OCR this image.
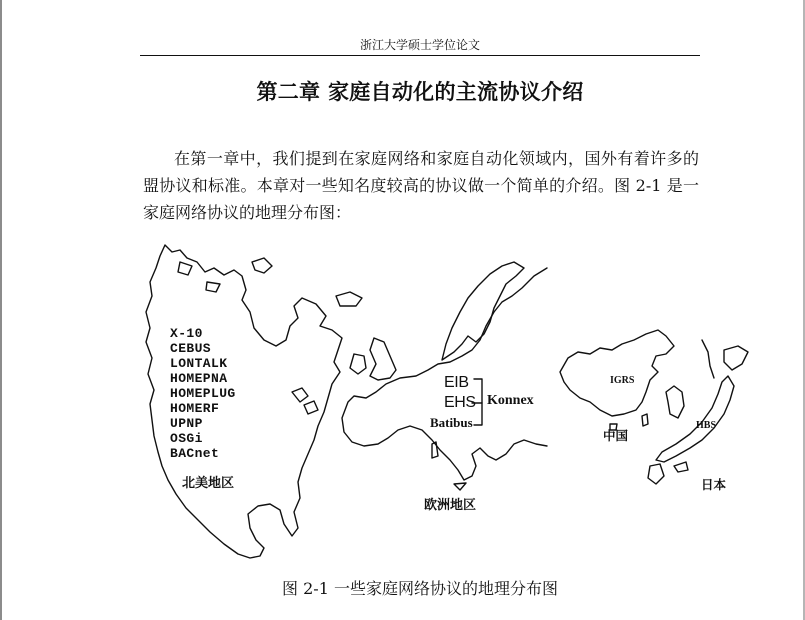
浙江大学硕士学位论文
第二章 家庭自动化的主流协议介绍
在第一章中，我们提到在家庭网络和家庭自动化领域内，国外有着许多的
盟协议和标准。本章对一些知名度较高的协议做一个简单的介绍。图 2-1 是一
家庭网络协议的地理分布图：
X-10
CEBUS
LONTALK
HOMEPNA
HOMEPLUG
HOMERF
UPNP
OSGi
BACnet
北美地区
EIB
EHS
Batibus
Konnex
欧洲地区
IGRS
中国
HBS
日本
图 2-1 一些家庭网络协议的地理分布图
